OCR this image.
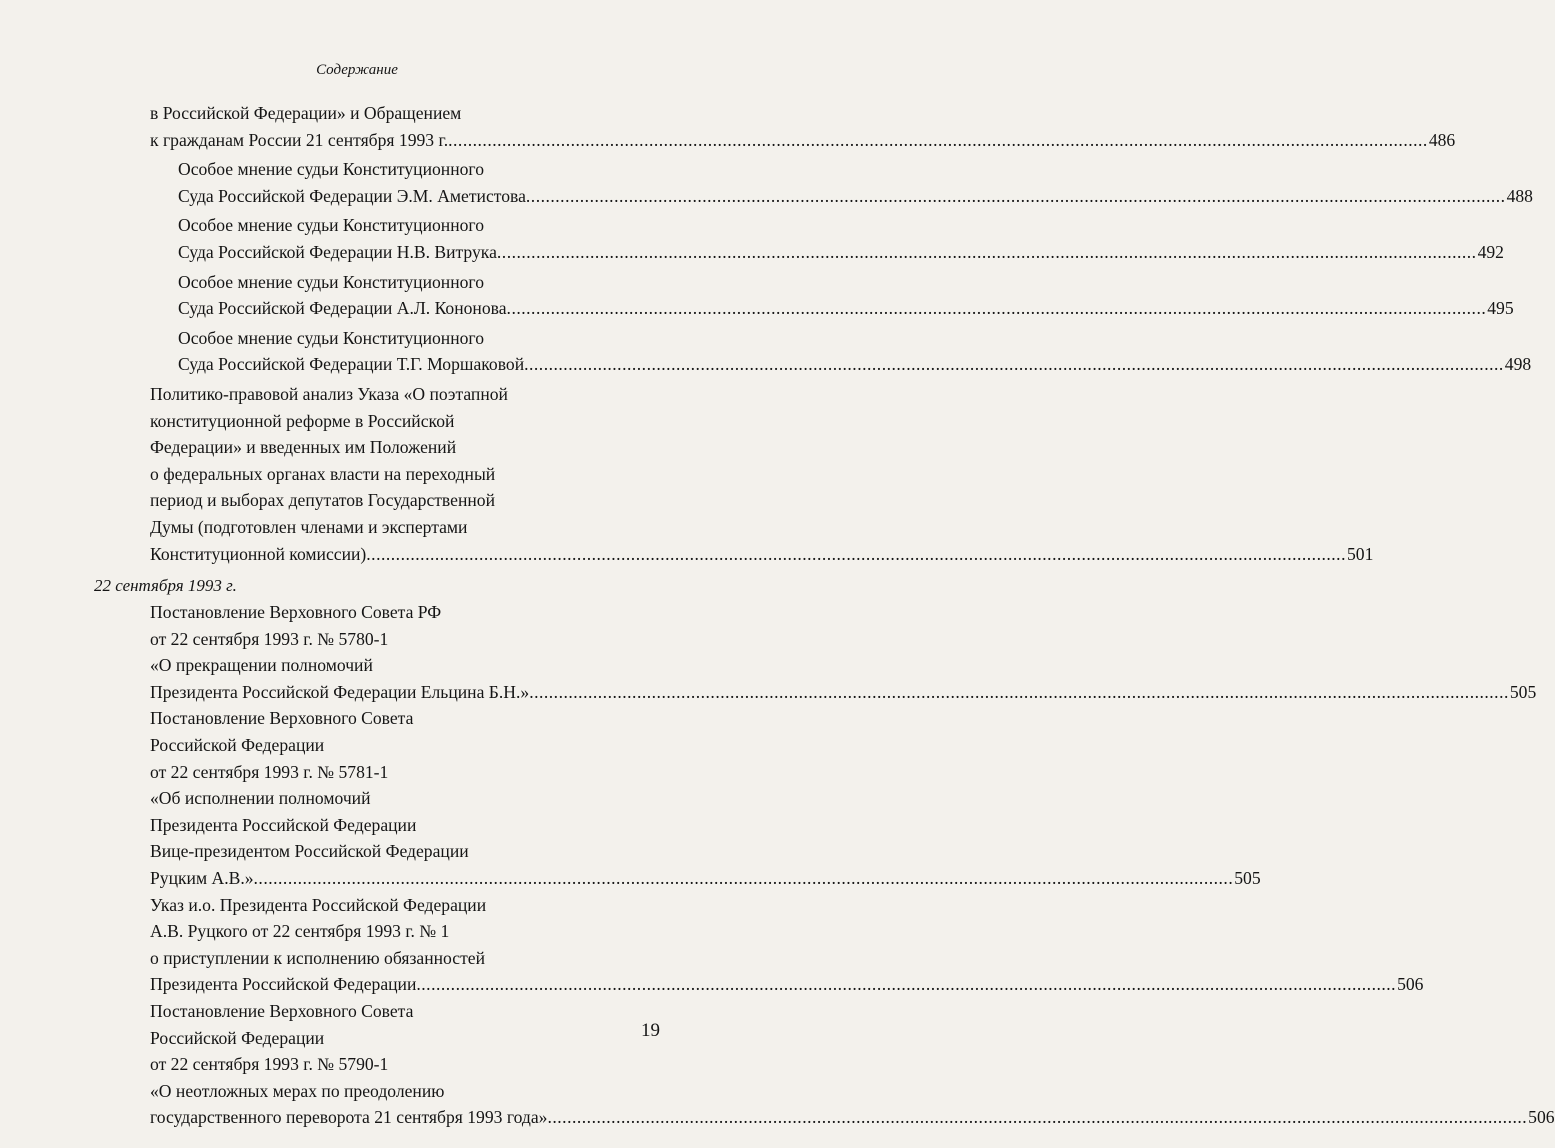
Содержание
в Российской Федерации» и Обращением
к гражданам России 21 сентября 1993 г. ........................................................................................................................................................................................................ 486
Особое мнение судьи Конституционного
Суда Российской Федерации Э.М. Аметистова ........................................................................................................................................................................................................ 488
Особое мнение судьи Конституционного
Суда Российской Федерации Н.В. Витрука ........................................................................................................................................................................................................ 492
Особое мнение судьи Конституционного
Суда Российской Федерации А.Л. Кононова ........................................................................................................................................................................................................ 495
Особое мнение судьи Конституционного
Суда Российской Федерации Т.Г. Моршаковой ........................................................................................................................................................................................................ 498
Политико-правовой анализ Указа «О поэтапной
конституционной реформе в Российской
Федерации» и введенных им Положений
о федеральных органах власти на переходный
период и выборах депутатов Государственной
Думы (подготовлен членами и экспертами
Конституционной комиссии) ........................................................................................................................................................................................................ 501
22 сентября 1993 г.
Постановление Верховного Совета РФ
от 22 сентября 1993 г. № 5780-1
«О прекращении полномочий
Президента Российской Федерации Ельцина Б.Н.» ........................................................................................................................................................................................................ 505
Постановление Верховного Совета
Российской Федерации
от 22 сентября 1993 г. № 5781-1
«Об исполнении полномочий
Президента Российской Федерации
Вице-президентом Российской Федерации
Руцким А.В.» ........................................................................................................................................................................................................ 505
Указ и.о. Президента Российской Федерации
А.В. Руцкого от 22 сентября 1993 г. № 1
о приступлении к исполнению обязанностей
Президента Российской Федерации ........................................................................................................................................................................................................ 506
Постановление Верховного Совета
Российской Федерации
от 22 сентября 1993 г. № 5790-1
«О неотложных мерах по преодолению
государственного переворота 21 сентября 1993 года» ........................................................................................................................................................................................................ 506
19
